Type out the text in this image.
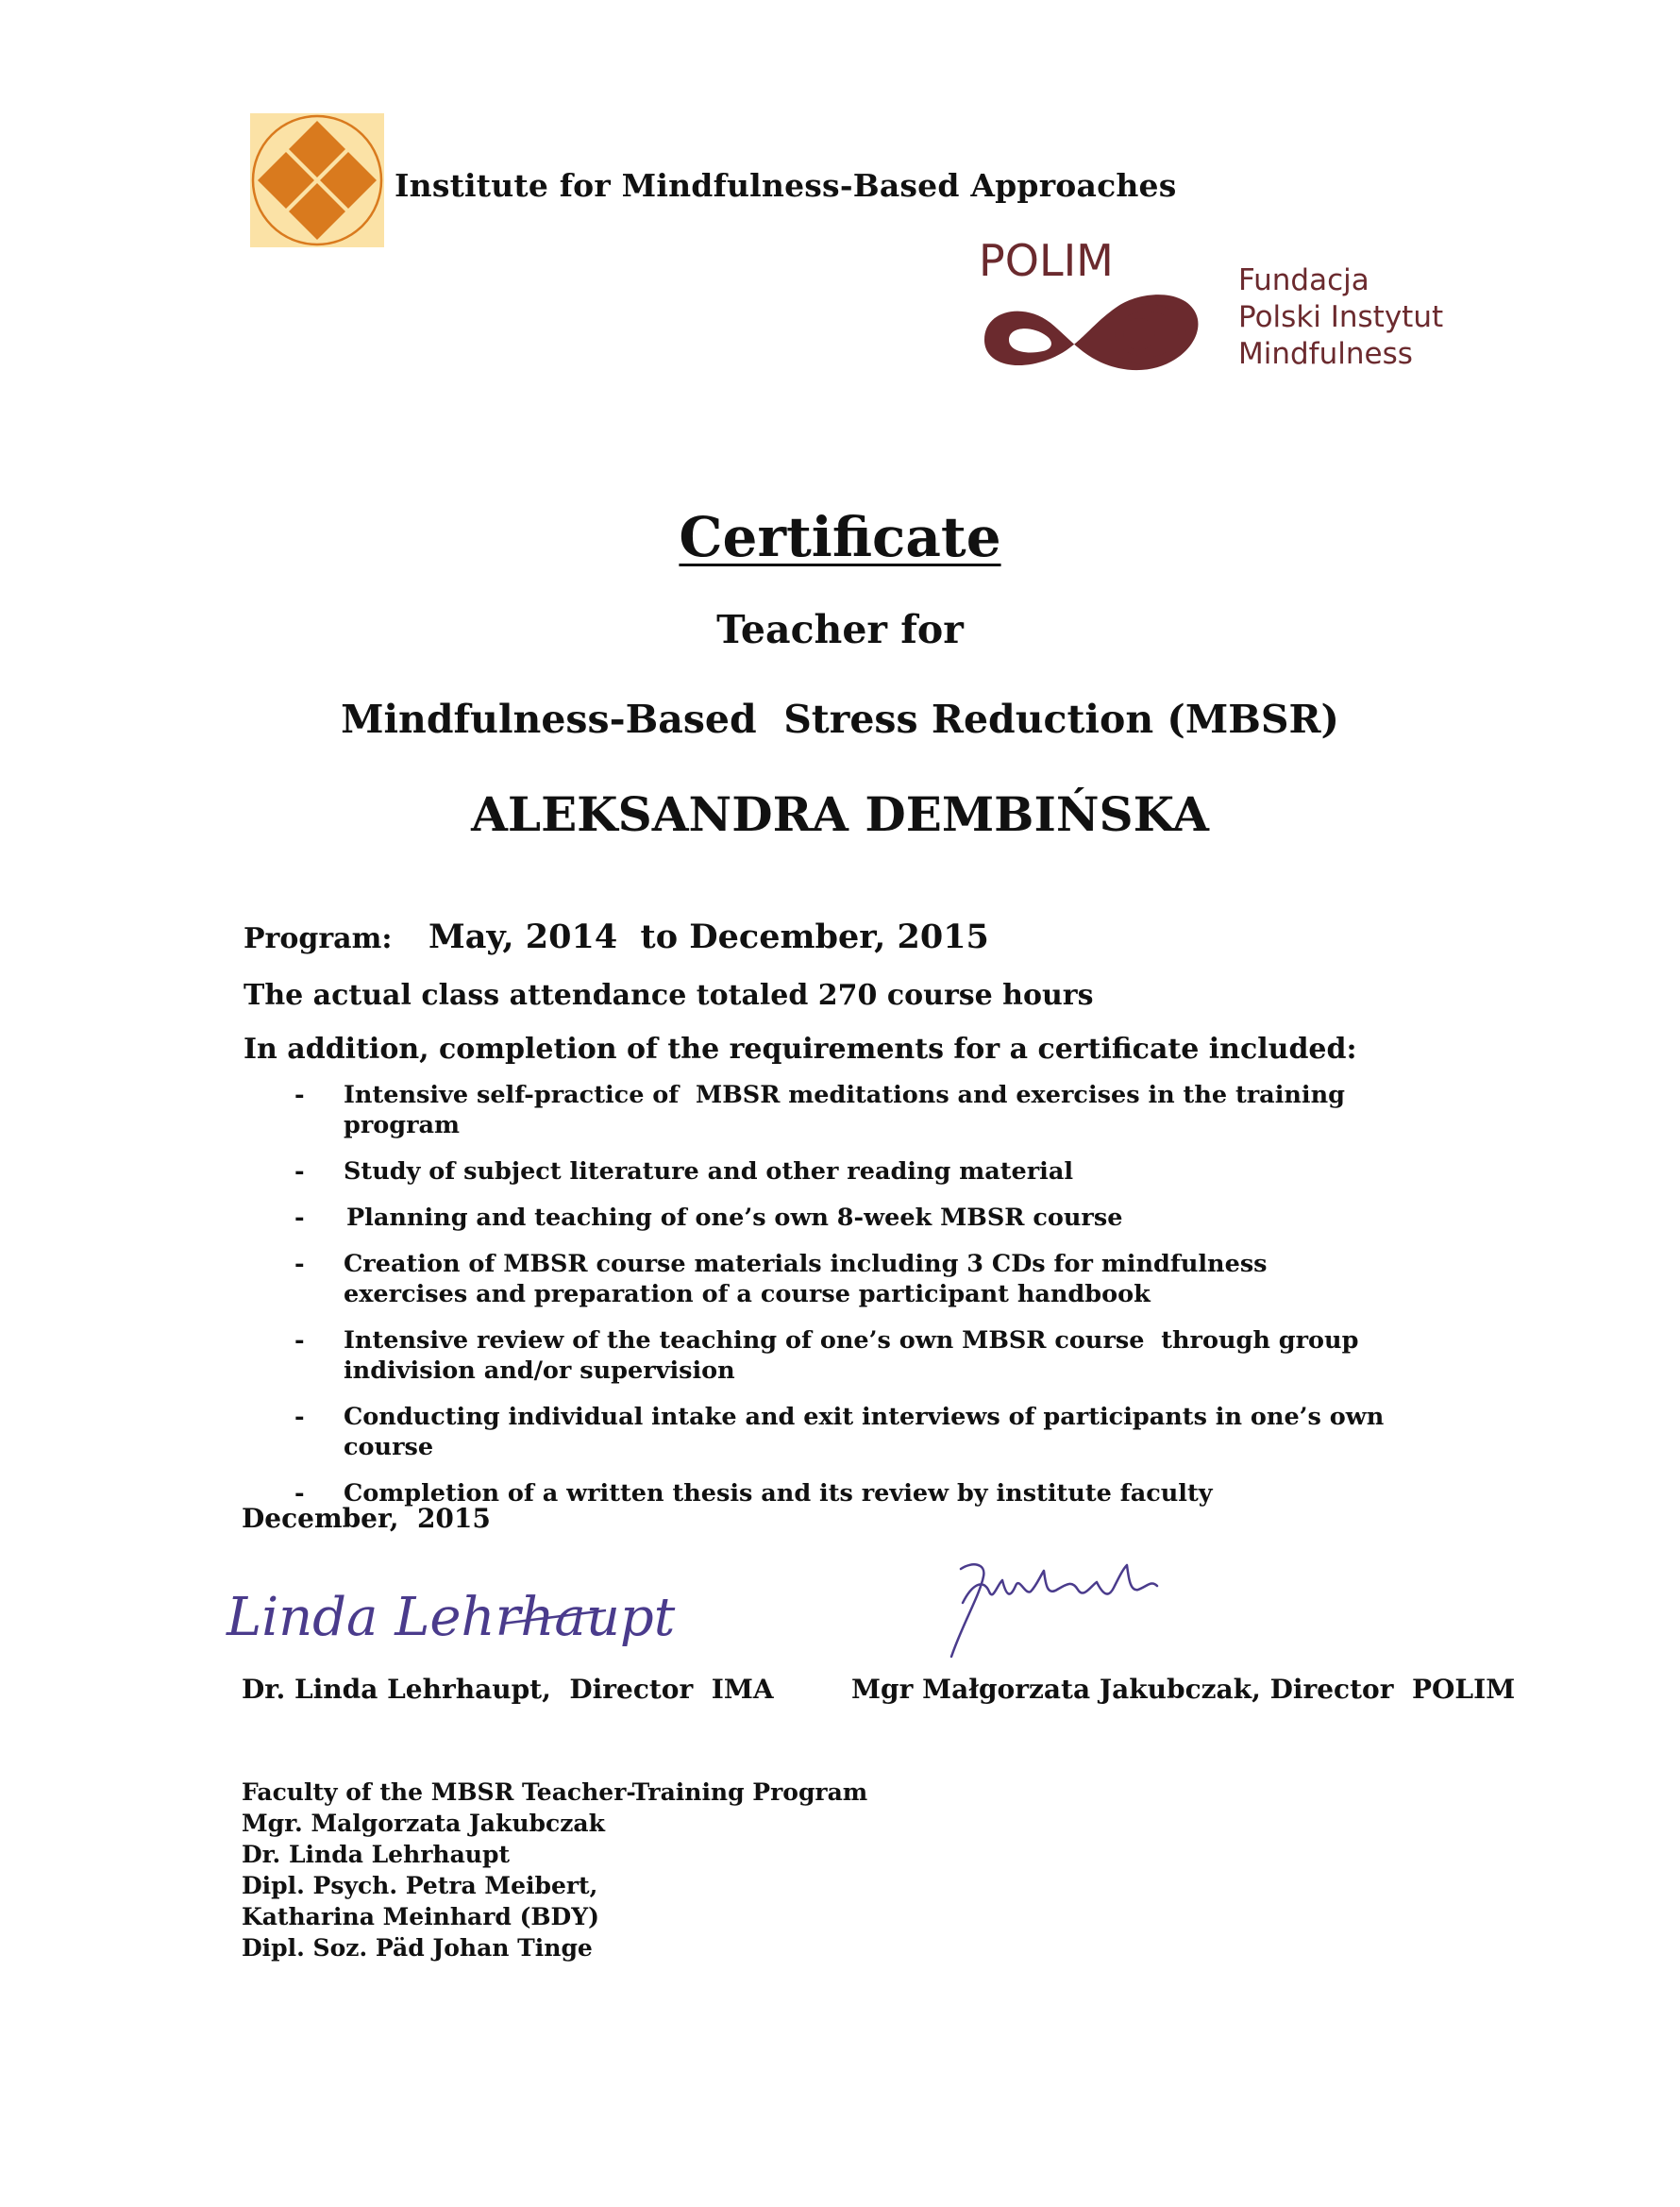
Institute for Mindfulness-Based Approaches
POLIM	Fundacja
Polski Instytut
Mindfulness
Certificate
Teacher for
Mindfulness-Based  Stress Reduction (MBSR)
ALEKSANDRA DEMBIŃSKA
Program: May, 2014  to December, 2015
The actual class attendance totaled 270 course hours
In addition, completion of the requirements for a certificate included:
- Intensive self-practice of  MBSR meditations and exercises in the training program
- Study of subject literature and other reading material
- Planning and teaching of one’s own 8-week MBSR course
- Creation of MBSR course materials including 3 CDs for mindfulness exercises and preparation of a course participant handbook
- Intensive review of the teaching of one’s own MBSR course  through group indivision and/or supervision
- Conducting individual intake and exit interviews of participants in one’s own course
- Completion of a written thesis and its review by institute faculty
December,  2015
Linda Lehrhaupt
Dr. Linda Lehrhaupt,  Director  IMA	Mgr Małgorzata Jakubczak, Director  POLIM
Faculty of the MBSR Teacher-Training Program
Mgr. Malgorzata Jakubczak
Dr. Linda Lehrhaupt
Dipl. Psych. Petra Meibert,
Katharina Meinhard (BDY)
Dipl. Soz. Päd Johan Tinge
